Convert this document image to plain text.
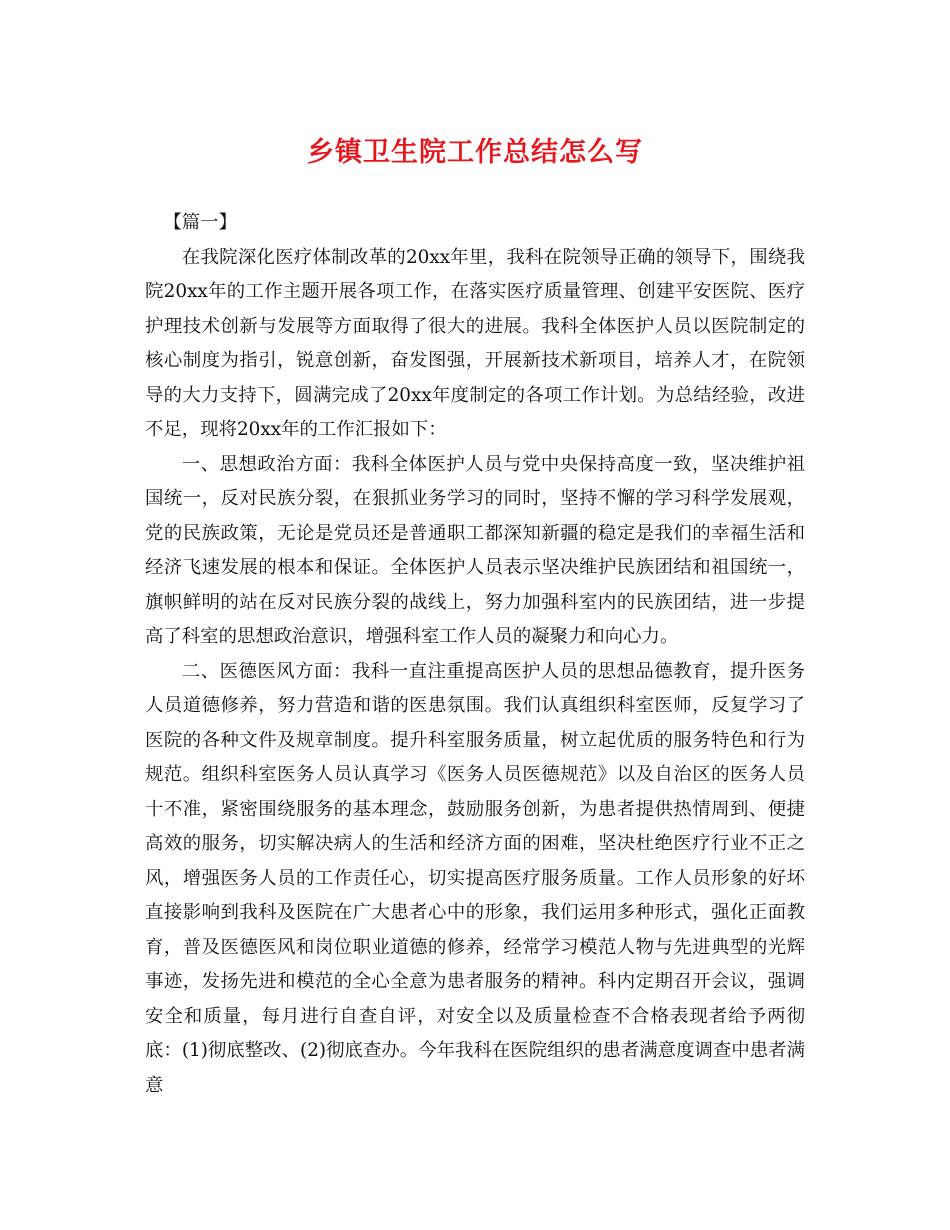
乡镇卫生院工作总结怎么写

【篇一】

在我院深化医疗体制改革的20xx年里，我科在院领导正确的领导下，围绕我院20xx年的工作主题开展各项工作，在落实医疗质量管理、创建平安医院、医疗护理技术创新与发展等方面取得了很大的进展。我科全体医护人员以医院制定的核心制度为指引，锐意创新，奋发图强，开展新技术新项目，培养人才，在院领导的大力支持下，圆满完成了20xx年度制定的各项工作计划。为总结经验，改进不足，现将20xx年的工作汇报如下：

一、思想政治方面：我科全体医护人员与党中央保持高度一致，坚决维护祖国统一，反对民族分裂，在狠抓业务学习的同时，坚持不懈的学习科学发展观，党的民族政策，无论是党员还是普通职工都深知新疆的稳定是我们的幸福生活和经济飞速发展的根本和保证。全体医护人员表示坚决维护民族团结和祖国统一，旗帜鲜明的站在反对民族分裂的战线上，努力加强科室内的民族团结，进一步提高了科室的思想政治意识，增强科室工作人员的凝聚力和向心力。

二、医德医风方面：我科一直注重提高医护人员的思想品德教育，提升医务人员道德修养，努力营造和谐的医患氛围。我们认真组织科室医师，反复学习了医院的各种文件及规章制度。提升科室服务质量，树立起优质的服务特色和行为规范。组织科室医务人员认真学习《医务人员医德规范》以及自治区的医务人员十不准，紧密围绕服务的基本理念，鼓励服务创新，为患者提供热情周到、便捷高效的服务，切实解决病人的生活和经济方面的困难，坚决杜绝医疗行业不正之风，增强医务人员的工作责任心，切实提高医疗服务质量。工作人员形象的好坏直接影响到我科及医院在广大患者心中的形象，我们运用多种形式，强化正面教育，普及医德医风和岗位职业道德的修养，经常学习模范人物与先进典型的光辉事迹，发扬先进和模范的全心全意为患者服务的精神。科内定期召开会议，强调安全和质量，每月进行自查自评，对安全以及质量检查不合格表现者给予两彻底：(1)彻底整改、(2)彻底查办。今年我科在医院组织的患者满意度调查中患者满意
